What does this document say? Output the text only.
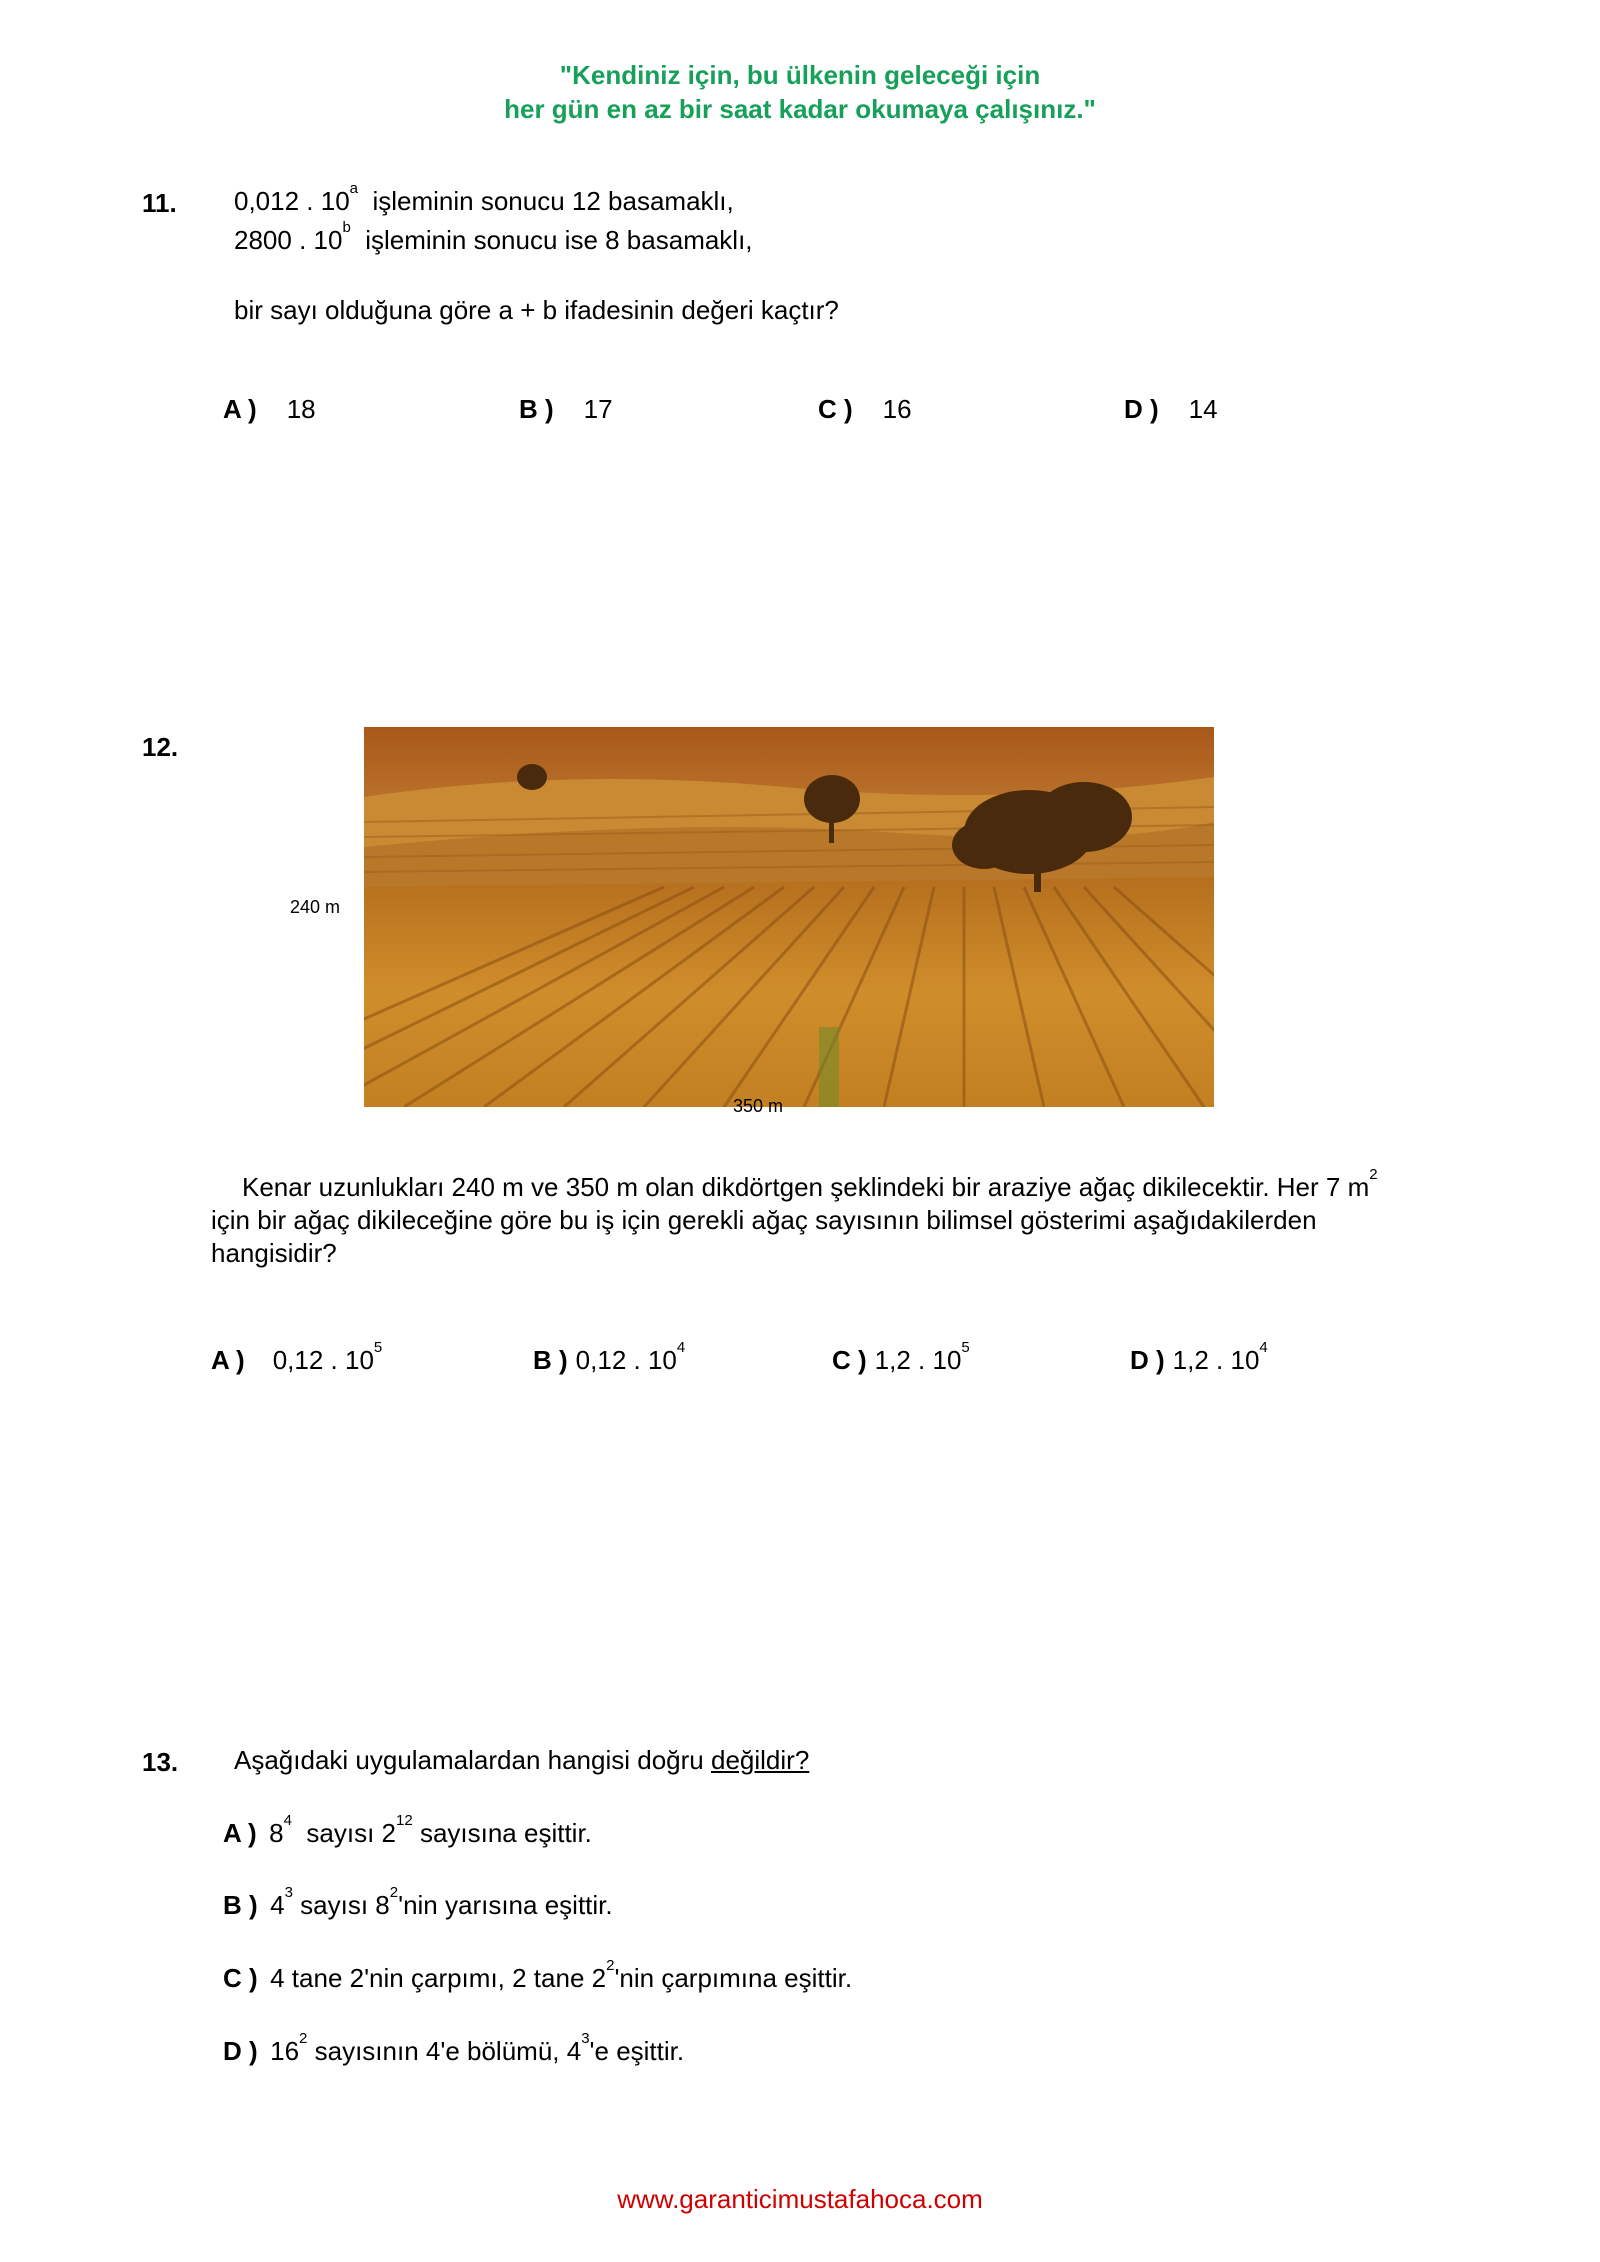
"Kendiniz için, bu ülkenin geleceği için
her gün en az bir saat kadar okumaya çalışınız."
11. 0,012 . 10$^a$ işleminin sonucu 12 basamaklı,
2800 . 10$^b$ işleminin sonucu ise 8 basamaklı,
bir sayı olduğuna göre a + b ifadesinin değeri kaçtır?
A ) 18	B ) 17	C ) 16	D ) 14
12.
240 m
350 m
Kenar uzunlukları 240 m ve 350 m olan dikdörtgen şeklindeki bir araziye ağaç dikilecektir. Her 7 $m^2$
için bir ağaç dikileceğine göre bu iş için gerekli ağaç sayısının bilimsel gösterimi aşağıdakilerden
hangisidir?
A ) 0,12 . $10^5$	B ) 0,12 . $10^4$	C ) 1,2 . $10^5$	D ) 1,2 . $10^4$
13. Aşağıdaki uygulamalardan hangisi doğru değildir?
A ) $8^4$ sayısı $2^{12}$ sayısına eşittir.
B ) $4^3$ sayısı $8^2'nin$ yarısına eşittir.
C ) 4 tane 2'nin çarpımı, 2 tane $2^2'nin$ çarpımına eşittir.
D ) $16^2$ sayısının 4'e bölümü, $4^3'e$ eşittir.
www.garanticimustafahoca.com
